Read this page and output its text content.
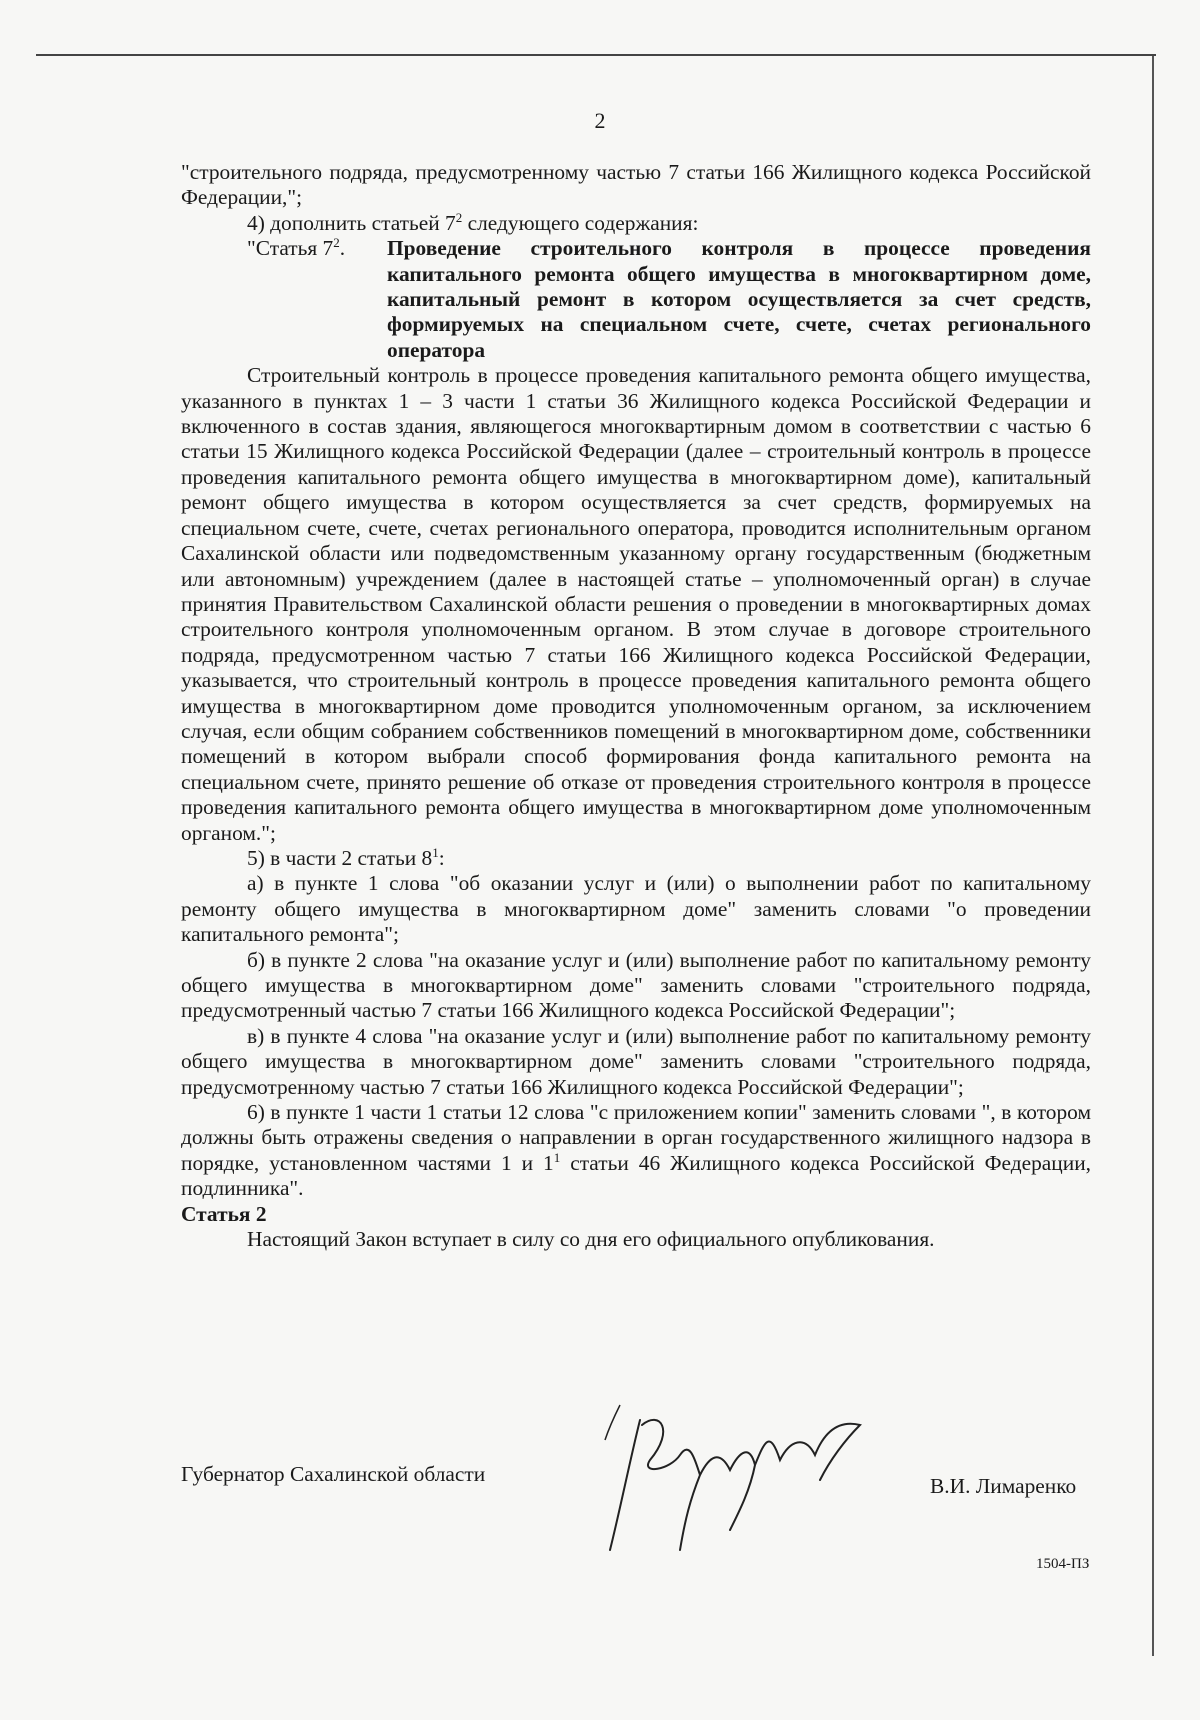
2

"строительного подряда, предусмотренному частью 7 статьи 166 Жилищного кодекса Российской Федерации,";

4) дополнить статьей $7^2$ следующего содержания:

"Статья $7^2$.	Проведение строительного контроля в процессе проведения капитального ремонта общего имущества в многоквартирном доме, капитальный ремонт в котором осуществляется за счет средств, формируемых на специальном счете, счете, счетах регионального оператора

Строительный контроль в процессе проведения капитального ремонта общего имущества, указанного в пунктах 1 – 3 части 1 статьи 36 Жилищного кодекса Российской Федерации и включенного в состав здания, являющегося многоквартирным домом в соответствии с частью 6 статьи 15 Жилищного кодекса Российской Федерации (далее – строительный контроль в процессе проведения капитального ремонта общего имущества в многоквартирном доме), капитальный ремонт общего имущества в котором осуществляется за счет средств, формируемых на специальном счете, счете, счетах регионального оператора, проводится исполнительным органом Сахалинской области или подведомственным указанному органу государственным (бюджетным или автономным) учреждением (далее в настоящей статье – уполномоченный орган) в случае принятия Правительством Сахалинской области решения о проведении в многоквартирных домах строительного контроля уполномоченным органом. В этом случае в договоре строительного подряда, предусмотренном частью 7 статьи 166 Жилищного кодекса Российской Федерации, указывается, что строительный контроль в процессе проведения капитального ремонта общего имущества в многоквартирном доме проводится уполномоченным органом, за исключением случая, если общим собранием собственников помещений в многоквартирном доме, собственники помещений в котором выбрали способ формирования фонда капитального ремонта на специальном счете, принято решение об отказе от проведения строительного контроля в процессе проведения капитального ремонта общего имущества в многоквартирном доме уполномоченным органом.";

5) в части 2 статьи $8^1$:

а) в пункте 1 слова "об оказании услуг и (или) о выполнении работ по капитальному ремонту общего имущества в многоквартирном доме" заменить словами "о проведении капитального ремонта";

б) в пункте 2 слова "на оказание услуг и (или) выполнение работ по капитальному ремонту общего имущества в многоквартирном доме" заменить словами "строительного подряда, предусмотренный частью 7 статьи 166 Жилищного кодекса Российской Федерации";

в) в пункте 4 слова "на оказание услуг и (или) выполнение работ по капитальному ремонту общего имущества в многоквартирном доме" заменить словами "строительного подряда, предусмотренному частью 7 статьи 166 Жилищного кодекса Российской Федерации";

6) в пункте 1 части 1 статьи 12 слова "с приложением копии" заменить словами ", в котором должны быть отражены сведения о направлении в орган государственного жилищного надзора в порядке, установленном частями 1 и $1^1$ статьи 46 Жилищного кодекса Российской Федерации, подлинника".

Статья 2

Настоящий Закон вступает в силу со дня его официального опубликования.

Губернатор Сахалинской области	В.И. Лимаренко
1504-ПЗ
